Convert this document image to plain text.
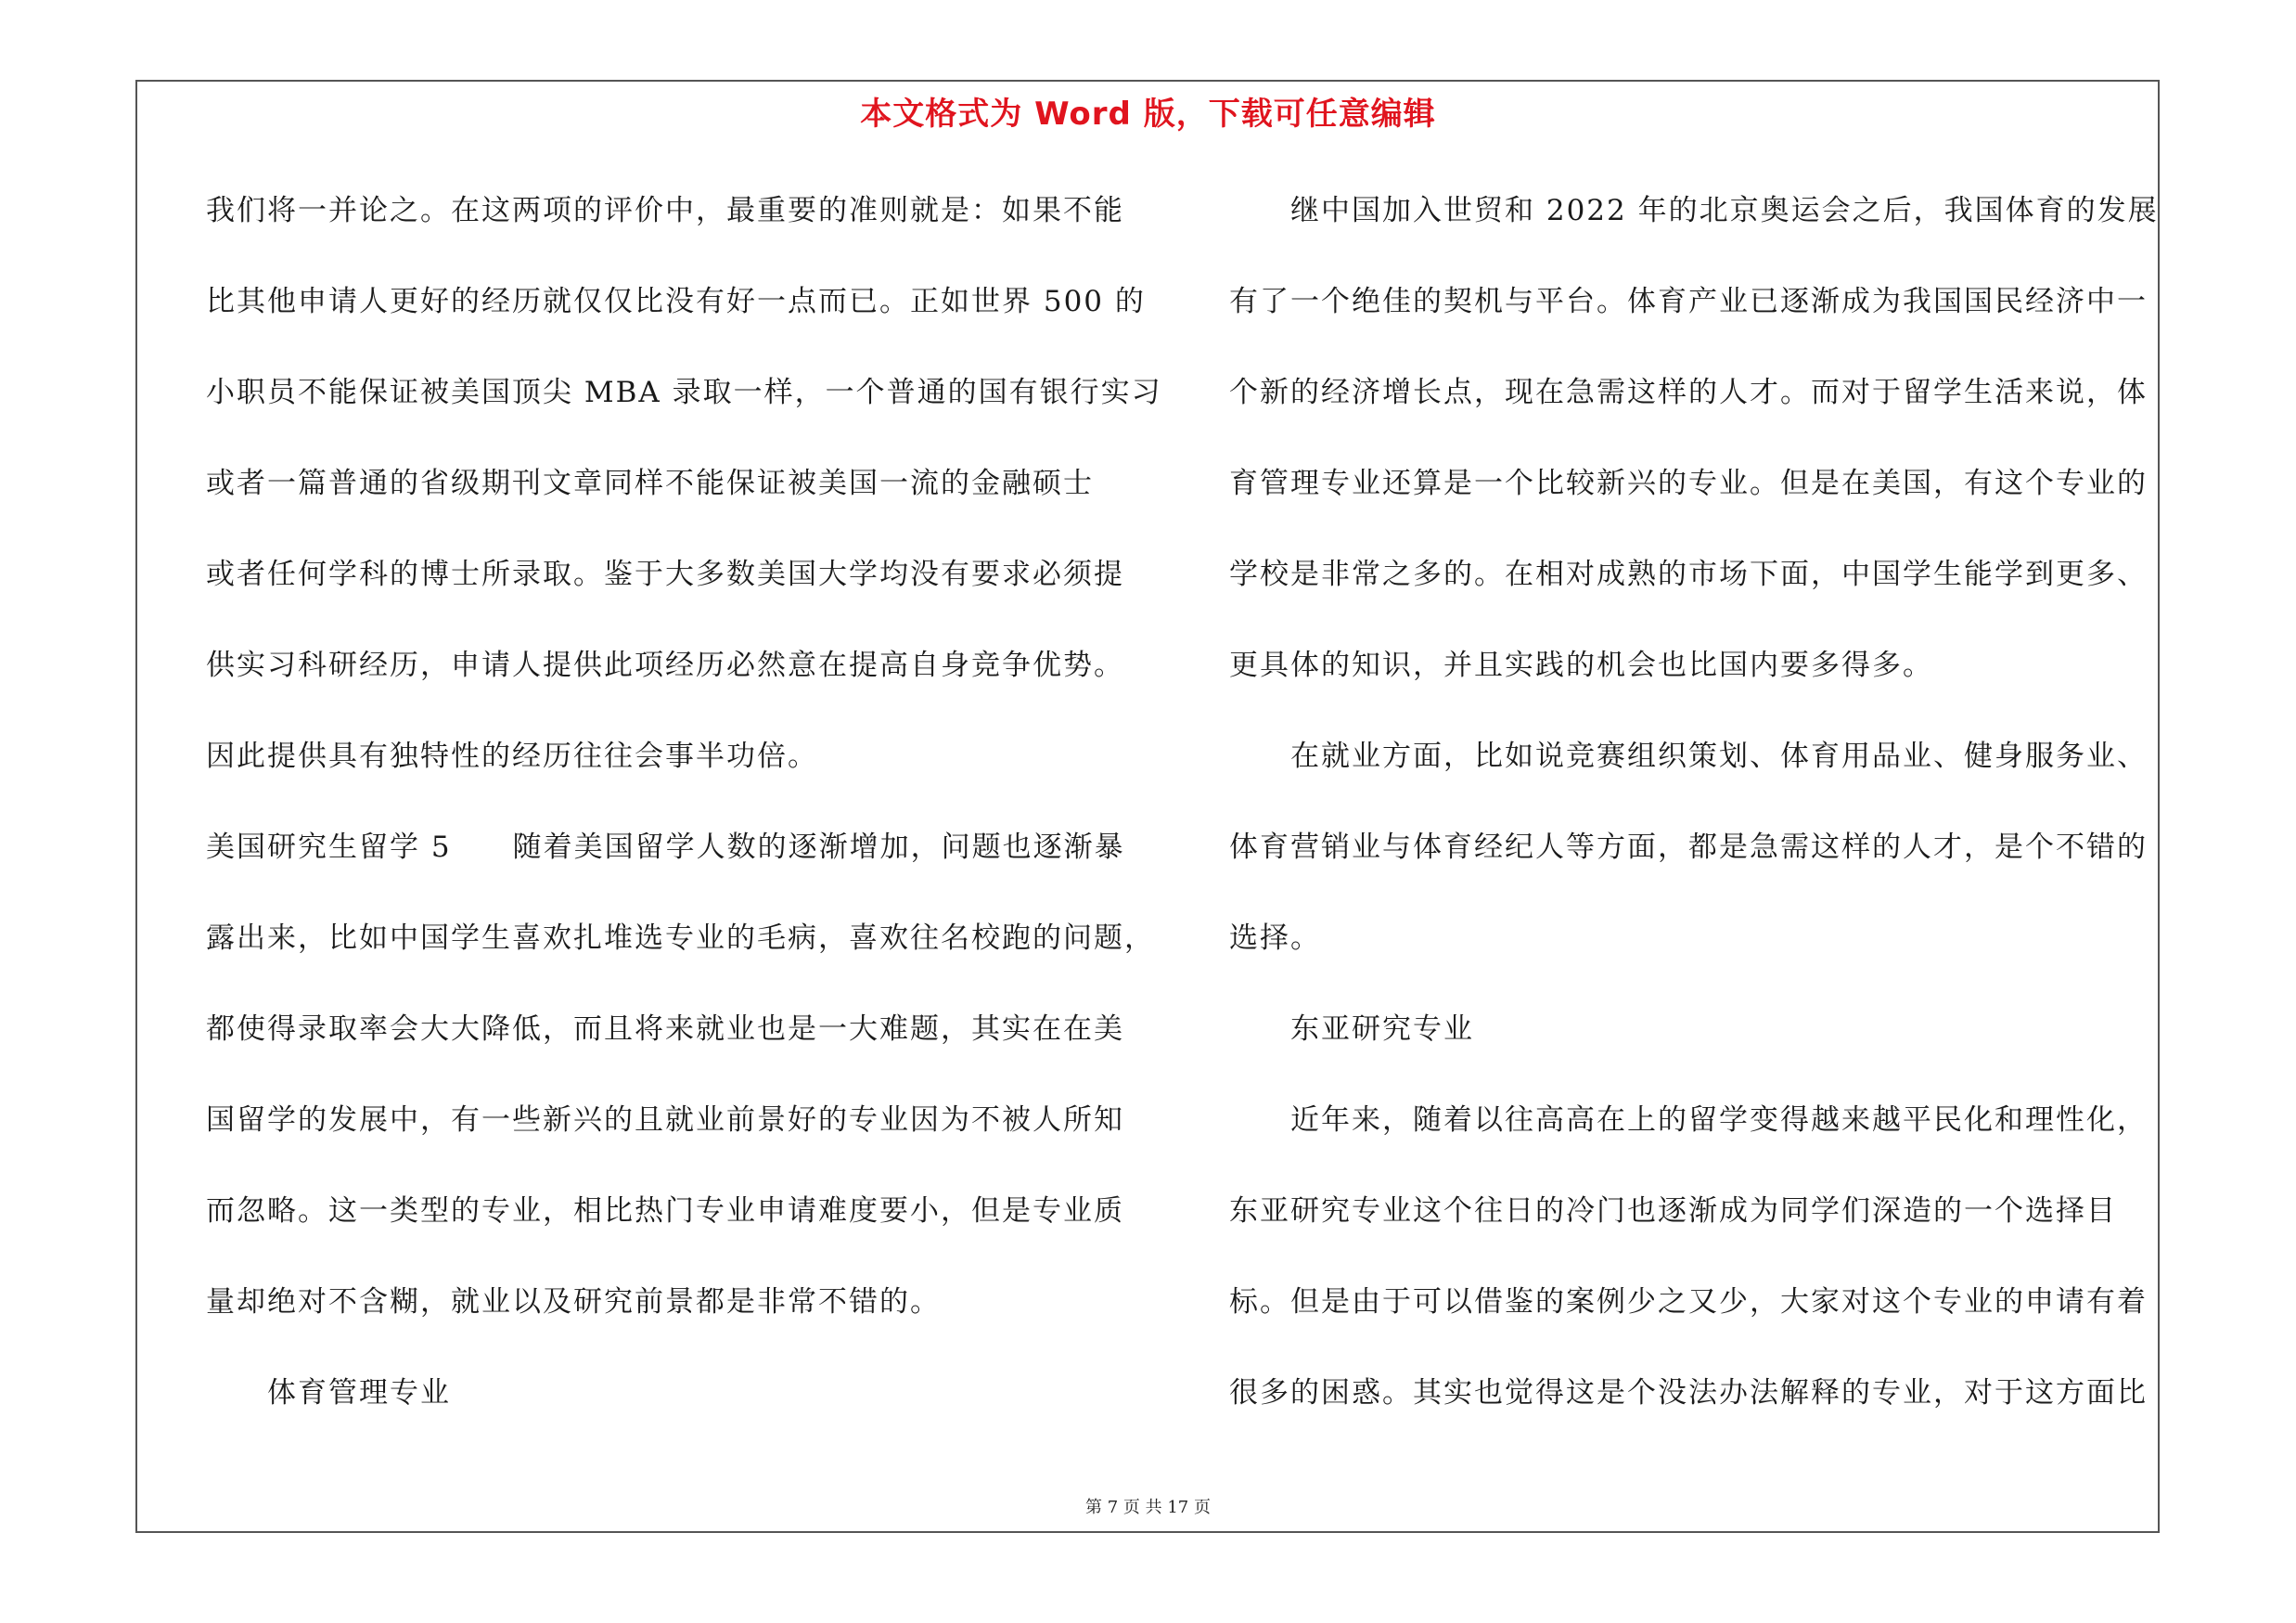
本文格式为 Word 版，下载可任意编辑
我们将一并论之。在这两项的评价中，最重要的准则就是：如果不能
比其他申请人更好的经历就仅仅比没有好一点而已。正如世界 500 的
小职员不能保证被美国顶尖 MBA 录取一样，一个普通的国有银行实习
或者一篇普通的省级期刊文章同样不能保证被美国一流的金融硕士
或者任何学科的博士所录取。鉴于大多数美国大学均没有要求必须提
供实习科研经历，申请人提供此项经历必然意在提高自身竞争优势。
因此提供具有独特性的经历往往会事半功倍。
美国研究生留学 5　　随着美国留学人数的逐渐增加，问题也逐渐暴
露出来，比如中国学生喜欢扎堆选专业的毛病，喜欢往名校跑的问题，
都使得录取率会大大降低，而且将来就业也是一大难题，其实在在美
国留学的发展中，有一些新兴的且就业前景好的专业因为不被人所知
而忽略。这一类型的专业，相比热门专业申请难度要小，但是专业质
量却绝对不含糊，就业以及研究前景都是非常不错的。
体育管理专业
继中国加入世贸和 2022 年的北京奥运会之后，我国体育的发展
有了一个绝佳的契机与平台。体育产业已逐渐成为我国国民经济中一
个新的经济增长点，现在急需这样的人才。而对于留学生活来说，体
育管理专业还算是一个比较新兴的专业。但是在美国，有这个专业的
学校是非常之多的。在相对成熟的市场下面，中国学生能学到更多、
更具体的知识，并且实践的机会也比国内要多得多。
在就业方面，比如说竞赛组织策划、体育用品业、健身服务业、
体育营销业与体育经纪人等方面，都是急需这样的人才，是个不错的
选择。
东亚研究专业
近年来，随着以往高高在上的留学变得越来越平民化和理性化，
东亚研究专业这个往日的冷门也逐渐成为同学们深造的一个选择目
标。但是由于可以借鉴的案例少之又少，大家对这个专业的申请有着
很多的困惑。其实也觉得这是个没法办法解释的专业，对于这方面比
第 7 页 共 17 页
